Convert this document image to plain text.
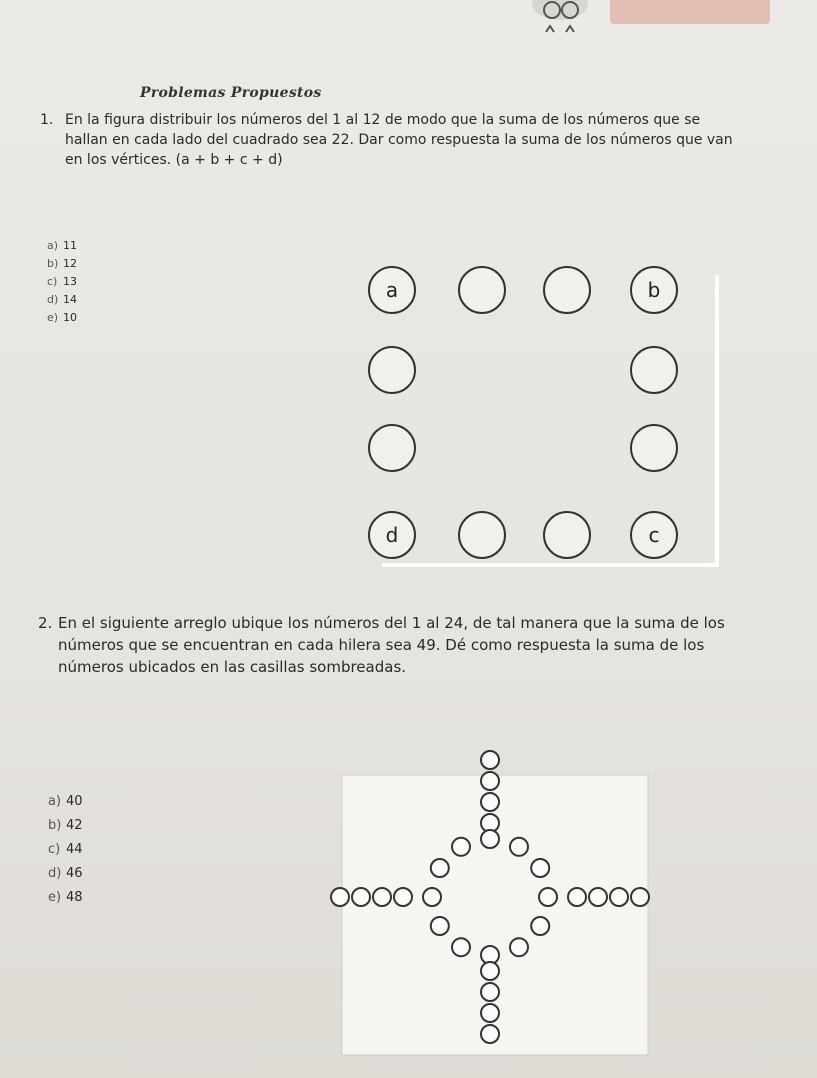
Problemas Propuestos
1. En la figura distribuir los números del 1 al 12 de modo que la suma de los números que se hallan en cada lado del cuadrado sea 22. Dar como respuesta la suma de los números que van en los vértices. (a + b + c + d)
a) 11
b) 12
c) 13
d) 14
e) 10
a	b
d	c
2. En el siguiente arreglo ubique los números del 1 al 24, de tal manera que la suma de los números que se encuentran en cada hilera sea 49. Dé como respuesta la suma de los números ubicados en las casillas sombreadas.
a) 40
b) 42
c) 44
d) 46
e) 48
